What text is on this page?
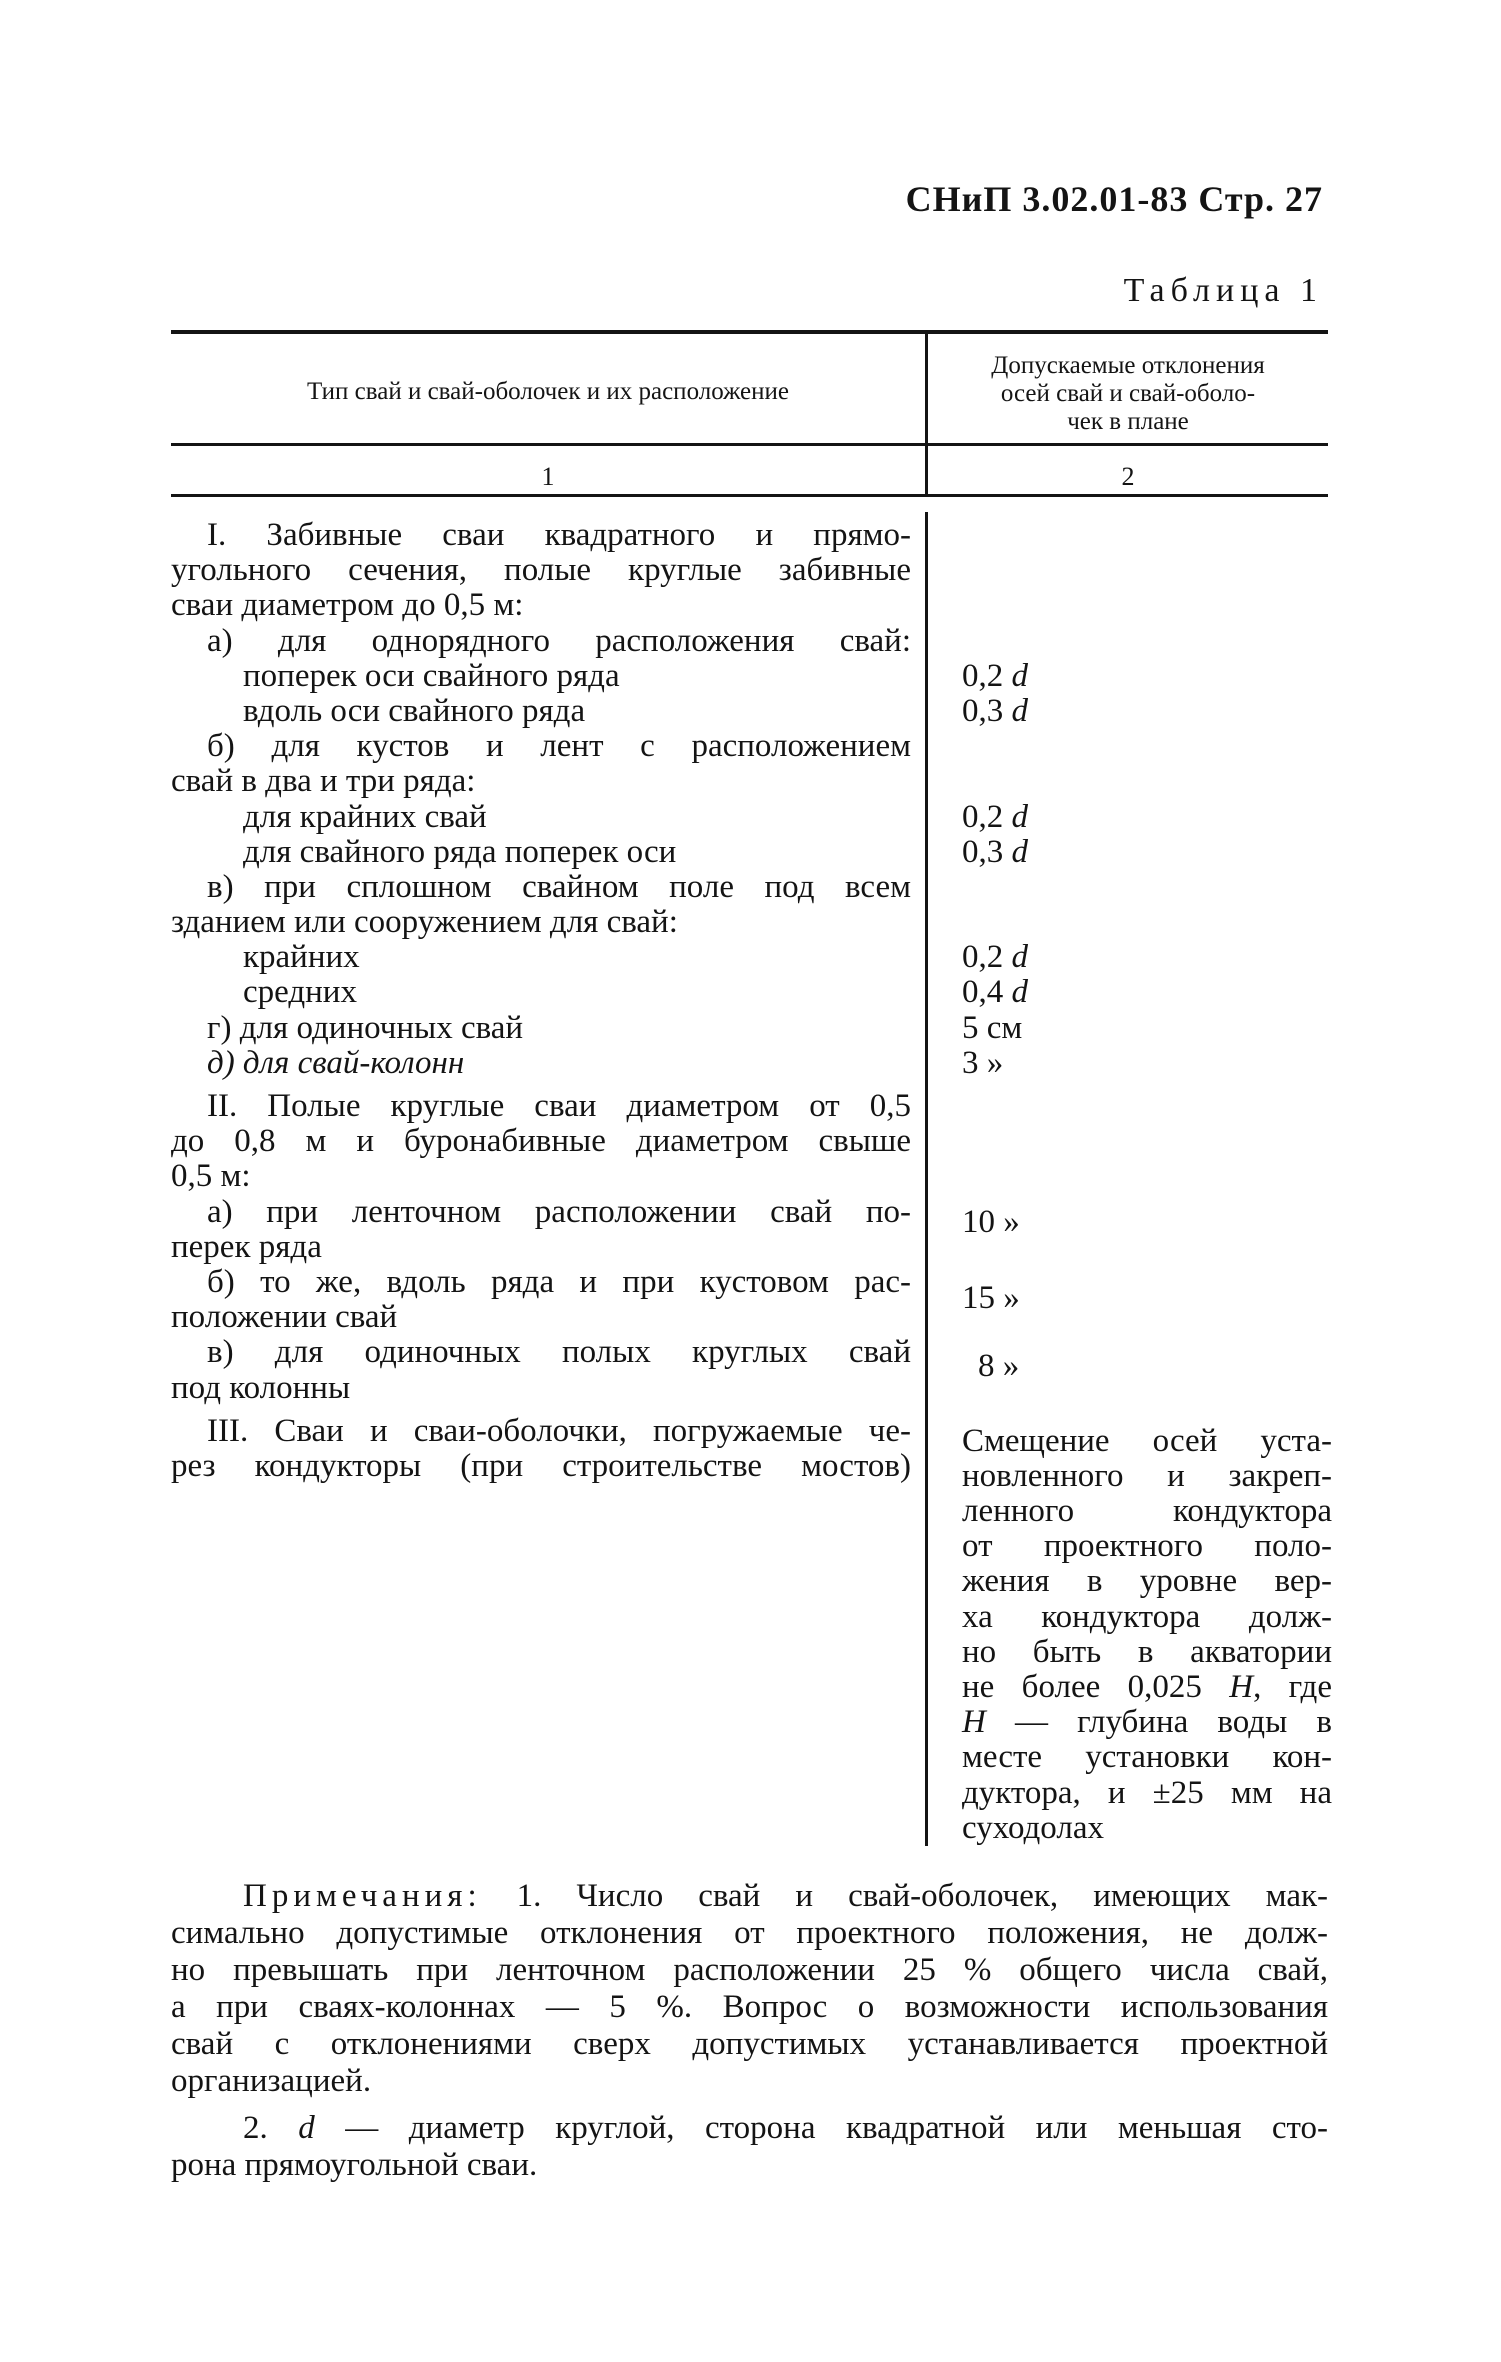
СНиП 3.02.01-83 Стр. 27
Таблица 1
Тип свай и свай-оболочек и их расположение
Допускаемые отклонения
осей свай и свай-оболо-
чек в плане
1	2
I. Забивные сваи квадратного и прямо-
угольного сечения, полые круглые забивные
сваи диаметром до 0,5 м:
а) для однорядного расположения свай:
поперек оси свайного ряда
вдоль оси свайного ряда
б) для кустов и лент с расположением
свай в два и три ряда:
для крайних свай
для свайного ряда поперек оси
в) при сплошном свайном поле под всем
зданием или сооружением для свай:
крайних
средних
г) для одиночных свай
д) для свай-колонн
II. Полые круглые сваи диаметром от 0,5
до 0,8 м и буронабивные диаметром свыше
0,5 м:
а) при ленточном расположении свай по-
перек ряда
б) то же, вдоль ряда и при кустовом рас-
положении свай
в) для одиночных полых круглых свай
под колонны
III. Сваи и сваи-оболочки, погружаемые че-
рез кондукторы (при строительстве мостов)
0,2 d
0,3 d
0,2 d
0,3 d
0,2 d
0,4 d
5 см
3 »
10 »
15 »
8 »
Смещение осей уста-
новленного и закреп-
ленного кондуктора
от проектного поло-
жения в уровне вер-
ха кондуктора долж-
но быть в акватории
не более 0,025 H, где
H — глубина воды в
месте установки кон-
дуктора, и ±25 мм на
суходолах
Примечания: 1. Число свай и свай-оболочек, имеющих мак-
симально допустимые отклонения от проектного положения, не долж-
но превышать при ленточном расположении 25 % общего числа свай,
а при сваях-колоннах — 5 %. Вопрос о возможности использования
свай с отклонениями сверх допустимых устанавливается проектной
организацией.
2. d — диаметр круглой, сторона квадратной или меньшая сто-
рона прямоугольной сваи.
